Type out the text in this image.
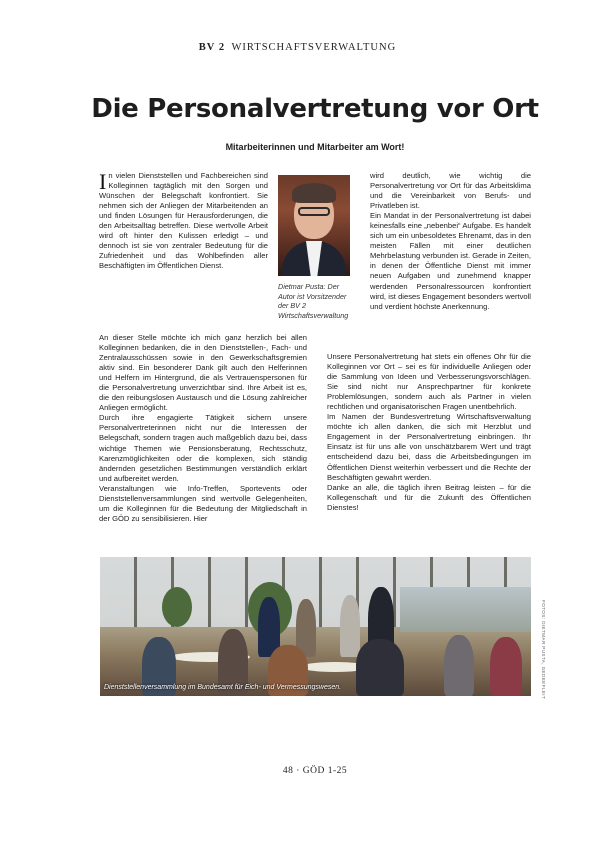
BV 2 WIRTSCHAFTSVERWALTUNG
Die Personalvertretung vor Ort
Mitarbeiterinnen und Mitarbeiter am Wort!
In vielen Dienststellen und Fachbereichen sind Kolleginnen tagtäglich mit den Sorgen und Wünschen der Belegschaft konfrontiert. Sie nehmen sich der Anliegen der Mitarbeitenden an und finden Lösungen für Herausforderungen, die den Arbeitsalltag betreffen. Diese wertvolle Arbeit wird oft hinter den Kulissen erledigt – und dennoch ist sie von zentraler Bedeutung für die Zufriedenheit und das Wohlbefinden aller Beschäftigten im Öffentlichen Dienst.

An dieser Stelle möchte ich mich ganz herzlich bei allen Kolleginnen bedanken, die in den Dienststellen-, Fach- und Zentralausschüssen sowie in den Gewerkschaftsgremien aktiv sind. Ein besonderer Dank gilt auch den Helferinnen und Helfern im Hintergrund, die als Vertrauenspersonen für die Personalvertretung unverzichtbar sind. Ihre Arbeit ist es, die den reibungslosen Austausch und die Lösung zahlreicher Anliegen ermöglicht.

Durch ihre engagierte Tätigkeit sichern unsere Personalvertreterinnen nicht nur die Interessen der Belegschaft, sondern tragen auch maßgeblich dazu bei, dass wichtige Themen wie Pensionsberatung, Rechtsschutz, Karenzmöglichkeiten oder die komplexen, sich ständig ändernden gesetzlichen Bestimmungen verständlich erklärt und aufbereitet werden.

Veranstaltungen wie Info-Treffen, Sportevents oder Dienststellenversammlungen sind wertvolle Gelegenheiten, um die Kolleginnen für die Bedeutung der Mitgliedschaft in der GÖD zu sensibilisieren. Hier

Dietmar Pusta: Der Autor ist Vorsitzender der BV 2 Wirtschaftsverwaltung

wird deutlich, wie wichtig die Personalvertretung vor Ort für das Arbeitsklima und die Vereinbarkeit von Berufs- und Privatleben ist.

Ein Mandat in der Personalvertretung ist dabei keinesfalls eine „nebenbei“ Aufgabe. Es handelt sich um ein unbesoldetes Ehrenamt, das in den meisten Fällen mit einer deutlichen Mehrbelastung verbunden ist. Gerade in Zeiten, in denen der Öffentliche Dienst mit immer neuen Aufgaben und zunehmend knapper werdenden Personalressourcen konfrontiert wird, ist dieses Engagement besonders wertvoll und verdient höchste Anerkennung.

Unsere Personalvertretung hat stets ein offenes Ohr für die Kolleginnen vor Ort – sei es für individuelle Anliegen oder die Sammlung von Ideen und Verbesserungsvorschlägen. Sie sind nicht nur Ansprechpartner für konkrete Problemlösungen, sondern auch als Partner in vielen rechtlichen und organisatorischen Fragen unentbehrlich.

Im Namen der Bundesvertretung Wirtschaftsverwaltung möchte ich allen danken, die sich mit Herzblut und Engagement in der Personalvertretung einbringen. Ihr Einsatz ist für uns alle von unschätzbarem Wert und trägt entscheidend dazu bei, dass die Arbeitsbedingungen im Öffentlichen Dienst weiterhin verbessert und die Rechte der Beschäftigten gewahrt werden.

Danke an alle, die täglich ihren Beitrag leisten – für die Kollegenschaft und für die Zukunft des Öffentlichen Dienstes!

Dienststellenversammlung im Bundesamt für Eich- und Vermessungswesen.	FOTOS: DIETMAR PUSTA, GEDEEFLEIT
48 · GÖD 1-25
